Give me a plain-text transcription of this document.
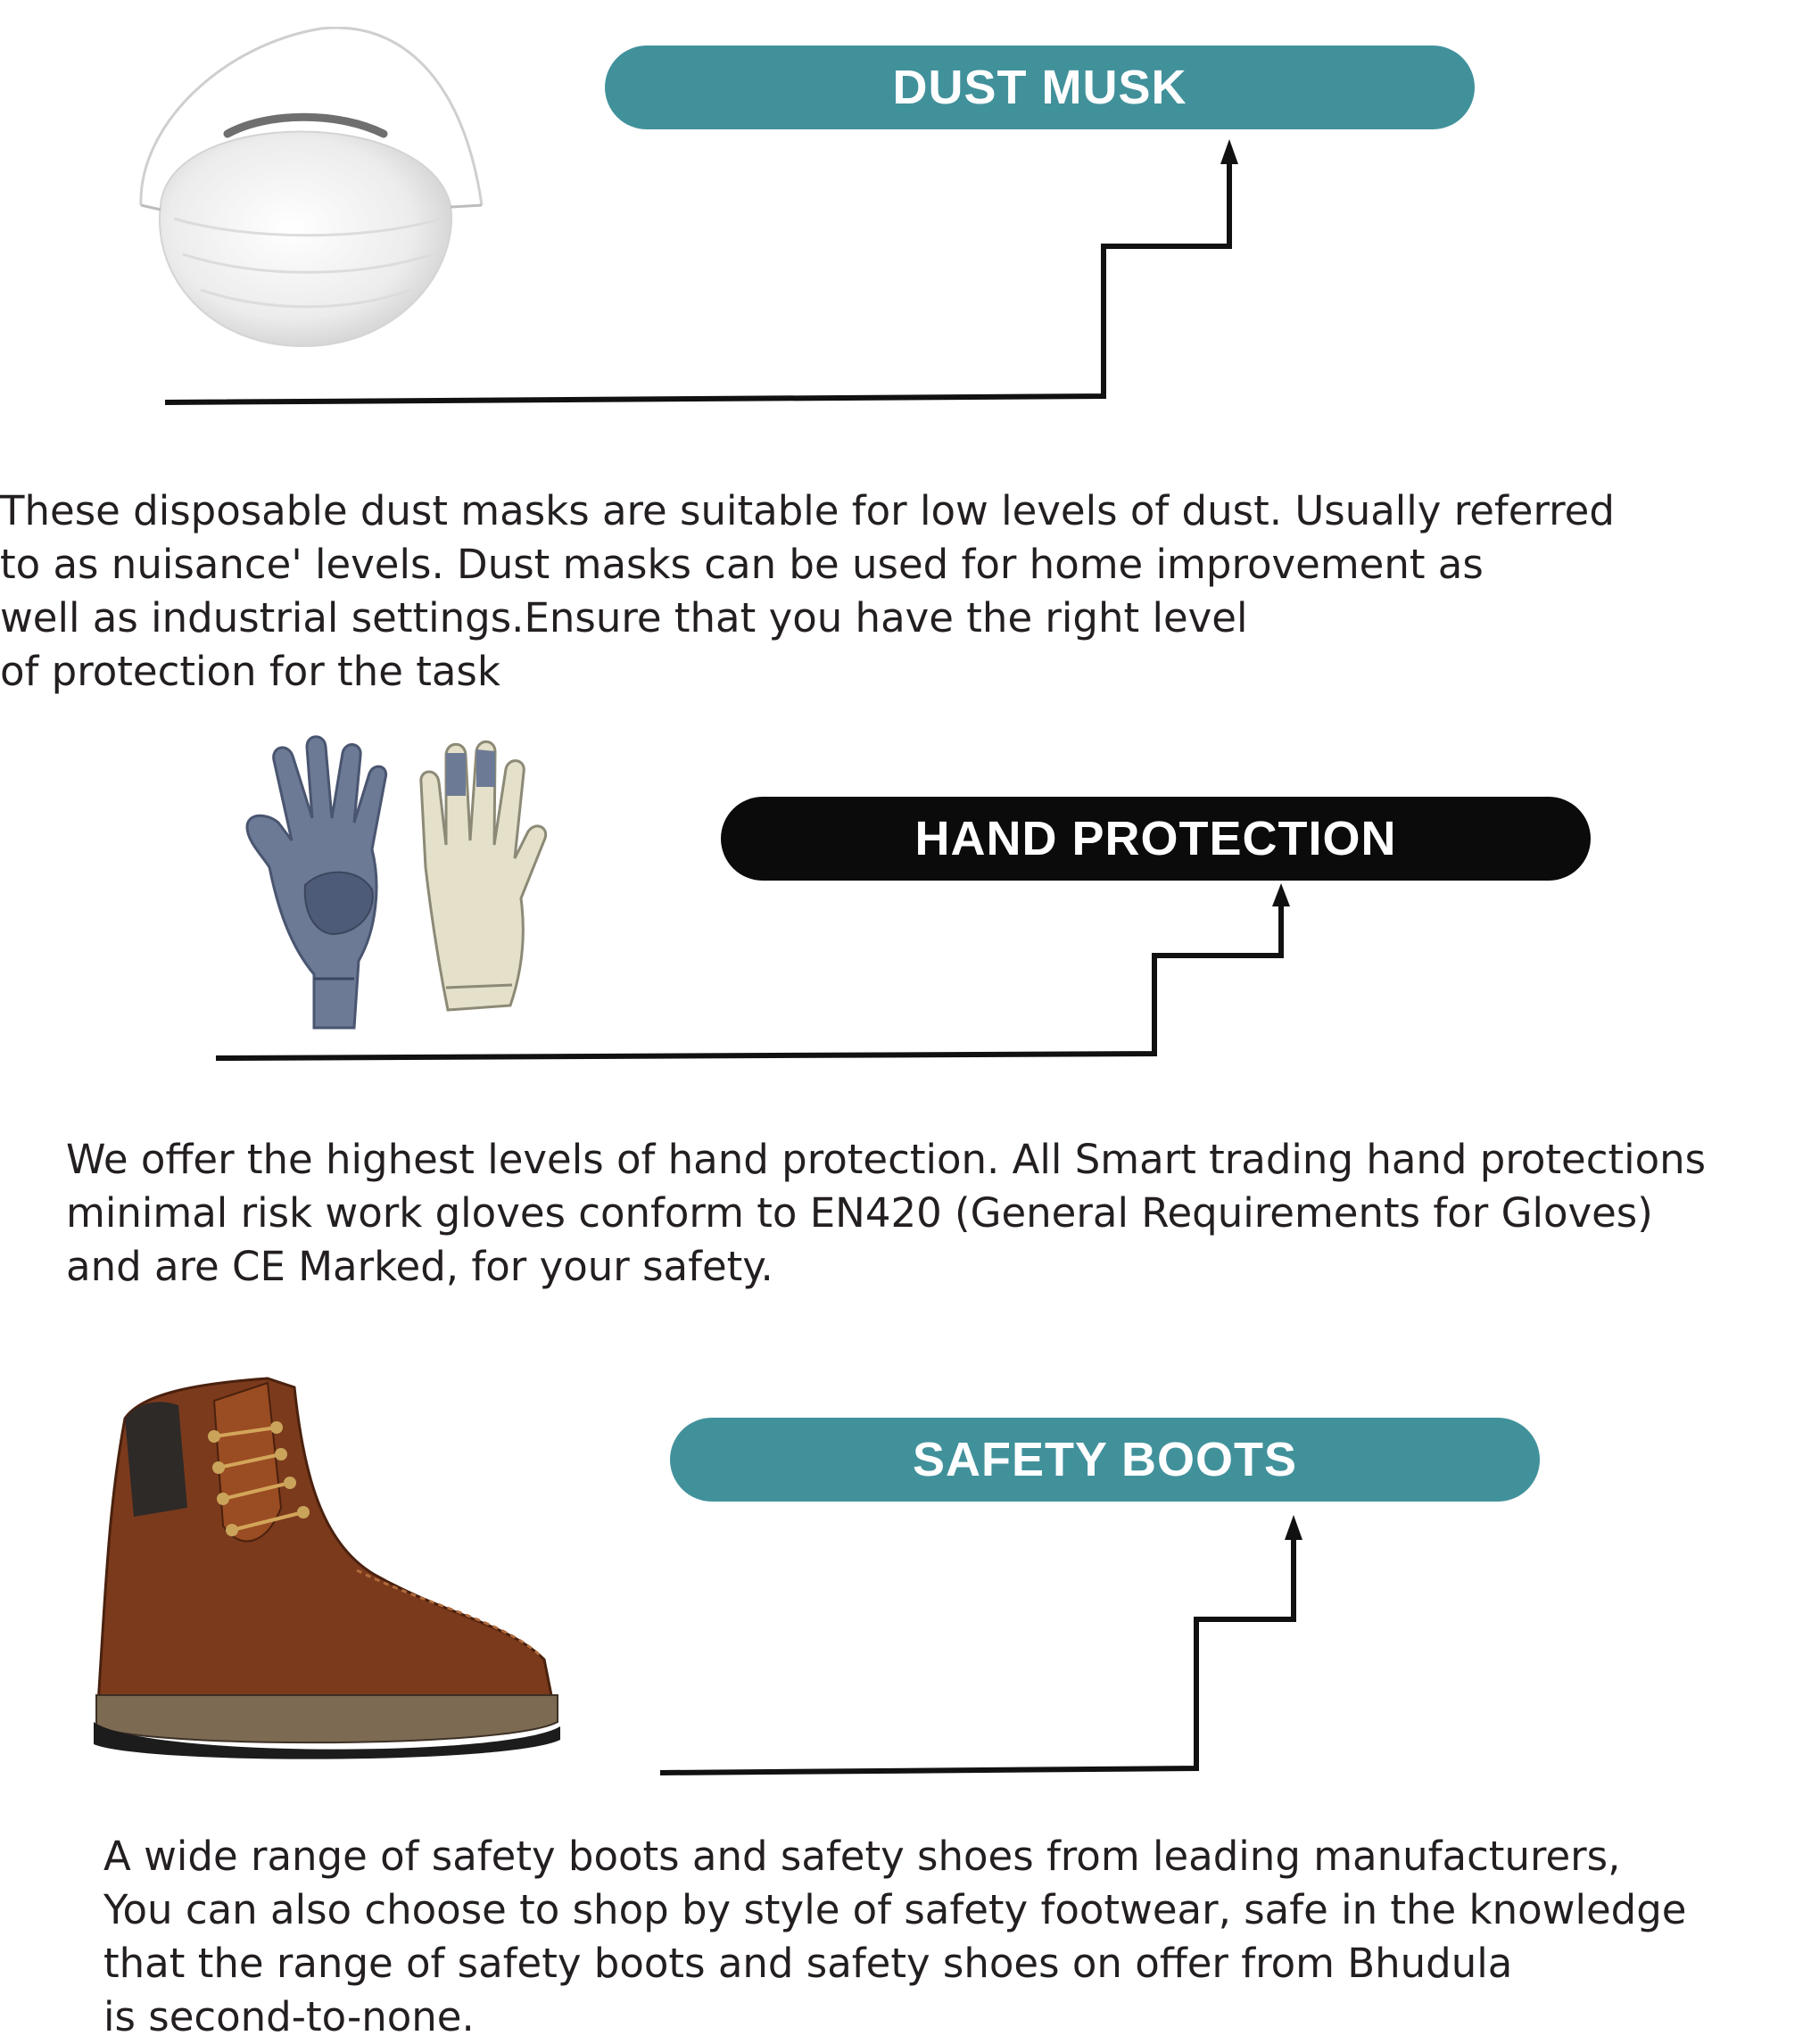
DUST MUSK

These disposable dust masks are suitable for low levels of dust. Usually referred
to as nuisance' levels. Dust masks can be used for home improvement as
well as industrial settings.Ensure that you have the right level
of protection for the task

HAND PROTECTION

We offer the highest levels of hand protection. All Smart trading hand protections
minimal risk work gloves conform to EN420 (General Requirements for Gloves)
and are CE Marked, for your safety.

SAFETY BOOTS

A wide range of safety boots and safety shoes from leading manufacturers,
You can also choose to shop by style of safety footwear, safe in the knowledge
that the range of safety boots and safety shoes on offer from Bhudula
is second-to-none.
